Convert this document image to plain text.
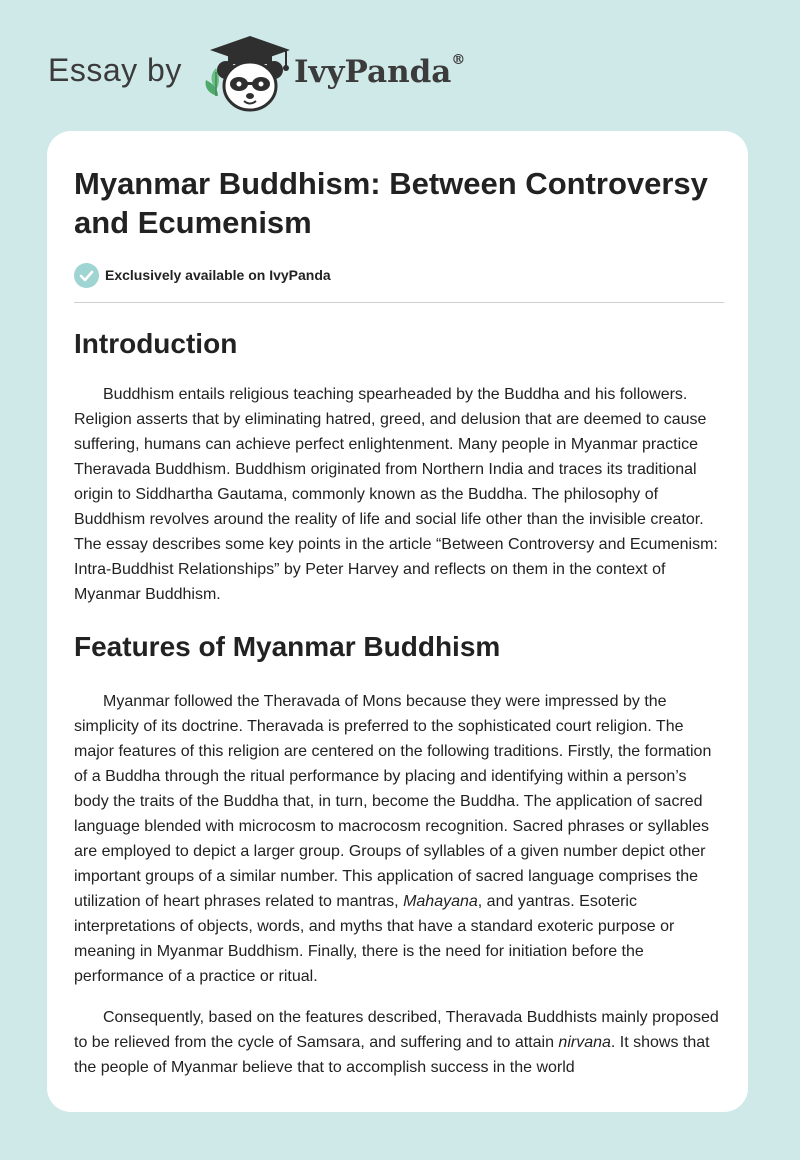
Essay by	IvyPanda®
Myanmar Buddhism: Between Controversy and Ecumenism
Exclusively available on IvyPanda
Introduction

Buddhism entails religious teaching spearheaded by the Buddha and his followers. Religion asserts that by eliminating hatred, greed, and delusion that are deemed to cause suffering, humans can achieve perfect enlightenment. Many people in Myanmar practice Theravada Buddhism. Buddhism originated from Northern India and traces its traditional origin to Siddhartha Gautama, commonly known as the Buddha. The philosophy of Buddhism revolves around the reality of life and social life other than the invisible creator. The essay describes some key points in the article “Between Controversy and Ecumenism: Intra-Buddhist Relationships” by Peter Harvey and reflects on them in the context of Myanmar Buddhism.

Features of Myanmar Buddhism

Myanmar followed the Theravada of Mons because they were impressed by the simplicity of its doctrine. Theravada is preferred to the sophisticated court religion. The major features of this religion are centered on the following traditions. Firstly, the formation of a Buddha through the ritual performance by placing and identifying within a person’s body the traits of the Buddha that, in turn, become the Buddha. The application of sacred language blended with microcosm to macrocosm recognition. Sacred phrases or syllables are employed to depict a larger group. Groups of syllables of a given number depict other important groups of a similar number. This application of sacred language comprises the utilization of heart phrases related to mantras, Mahayana, and yantras. Esoteric interpretations of objects, words, and myths that have a standard exoteric purpose or meaning in Myanmar Buddhism. Finally, there is the need for initiation before the performance of a practice or ritual.

Consequently, based on the features described, Theravada Buddhists mainly proposed to be relieved from the cycle of Samsara, and suffering and to attain nirvana. It shows that the people of Myanmar believe that to accomplish success in the world
